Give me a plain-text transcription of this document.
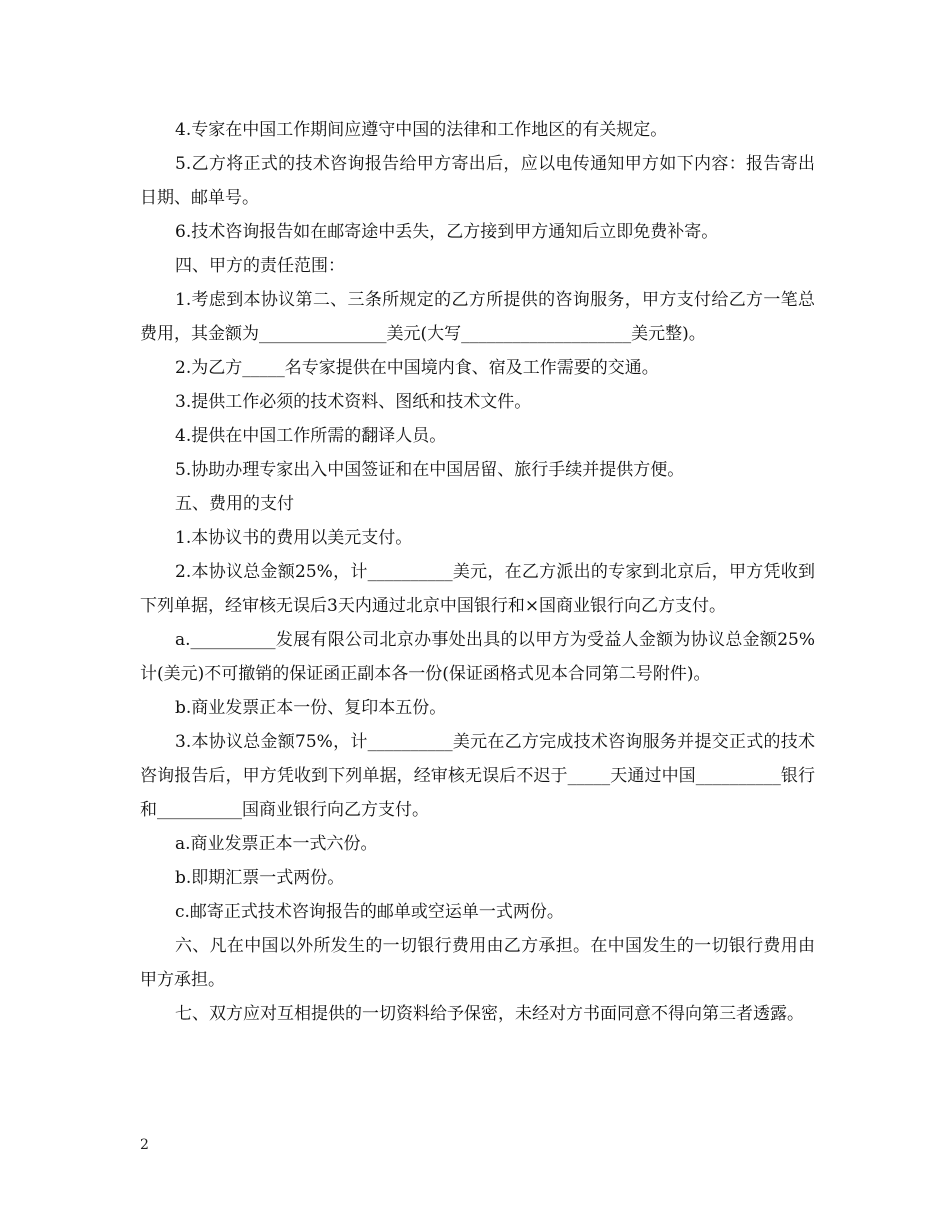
4.专家在中国工作期间应遵守中国的法律和工作地区的有关规定。

5.乙方将正式的技术咨询报告给甲方寄出后，应以电传通知甲方如下内容：报告寄出日期、邮单号。

6.技术咨询报告如在邮寄途中丢失，乙方接到甲方通知后立即免费补寄。

四、甲方的责任范围：

1.考虑到本协议第二、三条所规定的乙方所提供的咨询服务，甲方支付给乙方一笔总费用，其金额为_______________美元(大写____________________美元整)。

2.为乙方_____名专家提供在中国境内食、宿及工作需要的交通。

3.提供工作必须的技术资料、图纸和技术文件。

4.提供在中国工作所需的翻译人员。

5.协助办理专家出入中国签证和在中国居留、旅行手续并提供方便。

五、费用的支付

1.本协议书的费用以美元支付。

2.本协议总金额25%，计__________美元，在乙方派出的专家到北京后，甲方凭收到下列单据，经审核无误后3天内通过北京中国银行和×国商业银行向乙方支付。

a.__________发展有限公司北京办事处出具的以甲方为受益人金额为协议总金额25%计(美元)不可撤销的保证函正副本各一份(保证函格式见本合同第二号附件)。

b.商业发票正本一份、复印本五份。

3.本协议总金额75%，计__________美元在乙方完成技术咨询服务并提交正式的技术咨询报告后，甲方凭收到下列单据，经审核无误后不迟于_____天通过中国__________银行和__________国商业银行向乙方支付。

a.商业发票正本一式六份。

b.即期汇票一式两份。

c.邮寄正式技术咨询报告的邮单或空运单一式两份。

六、凡在中国以外所发生的一切银行费用由乙方承担。在中国发生的一切银行费用由甲方承担。

七、双方应对互相提供的一切资料给予保密，未经对方书面同意不得向第三者透露。

2
